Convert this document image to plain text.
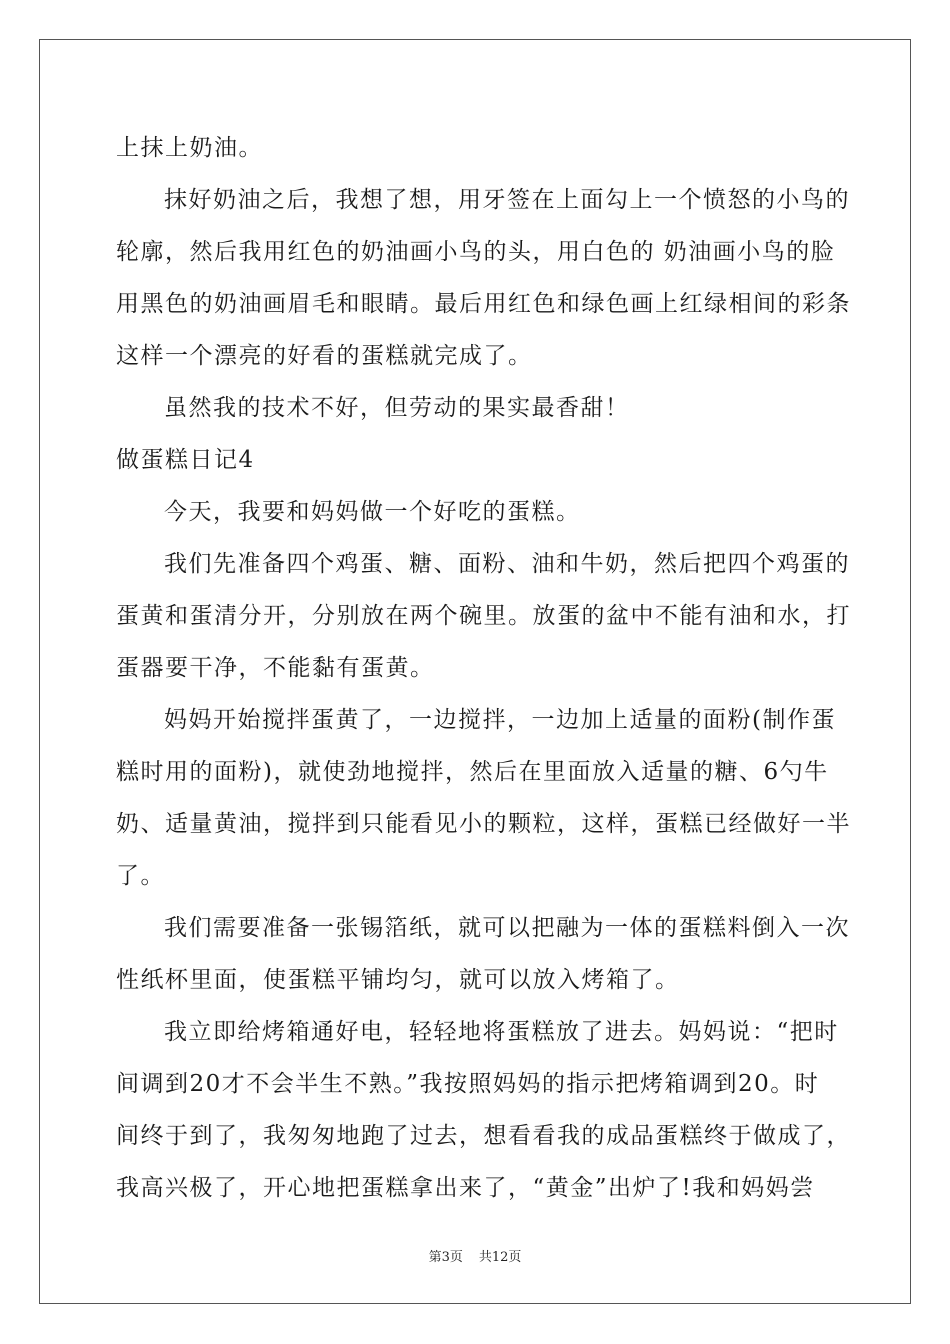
上抹上奶油。
抹好奶油之后，我想了想，用牙签在上面勾上一个愤怒的小鸟的
轮廓，然后我用红色的奶油画小鸟的头，用白色的 奶油画小鸟的脸
用黑色的奶油画眉毛和眼睛。最后用红色和绿色画上红绿相间的彩条
这样一个漂亮的好看的蛋糕就完成了。
虽然我的技术不好，但劳动的果实最香甜！
做蛋糕日记4
今天，我要和妈妈做一个好吃的蛋糕。
我们先准备四个鸡蛋、糖、面粉、油和牛奶，然后把四个鸡蛋的
蛋黄和蛋清分开，分别放在两个碗里。放蛋的盆中不能有油和水，打
蛋器要干净，不能黏有蛋黄。
妈妈开始搅拌蛋黄了，一边搅拌，一边加上适量的面粉(制作蛋
糕时用的面粉)，就使劲地搅拌，然后在里面放入适量的糖、6勺牛
奶、适量黄油，搅拌到只能看见小的颗粒，这样，蛋糕已经做好一半
了。
我们需要准备一张锡箔纸，就可以把融为一体的蛋糕料倒入一次
性纸杯里面，使蛋糕平铺均匀，就可以放入烤箱了。
我立即给烤箱通好电，轻轻地将蛋糕放了进去。妈妈说：“把时
间调到20才不会半生不熟。”我按照妈妈的指示把烤箱调到20。时
间终于到了，我匆匆地跑了过去，想看看我的成品蛋糕终于做成了，
我高兴极了，开心地把蛋糕拿出来了，“黄金”出炉了!我和妈妈尝
第3页 共12页
